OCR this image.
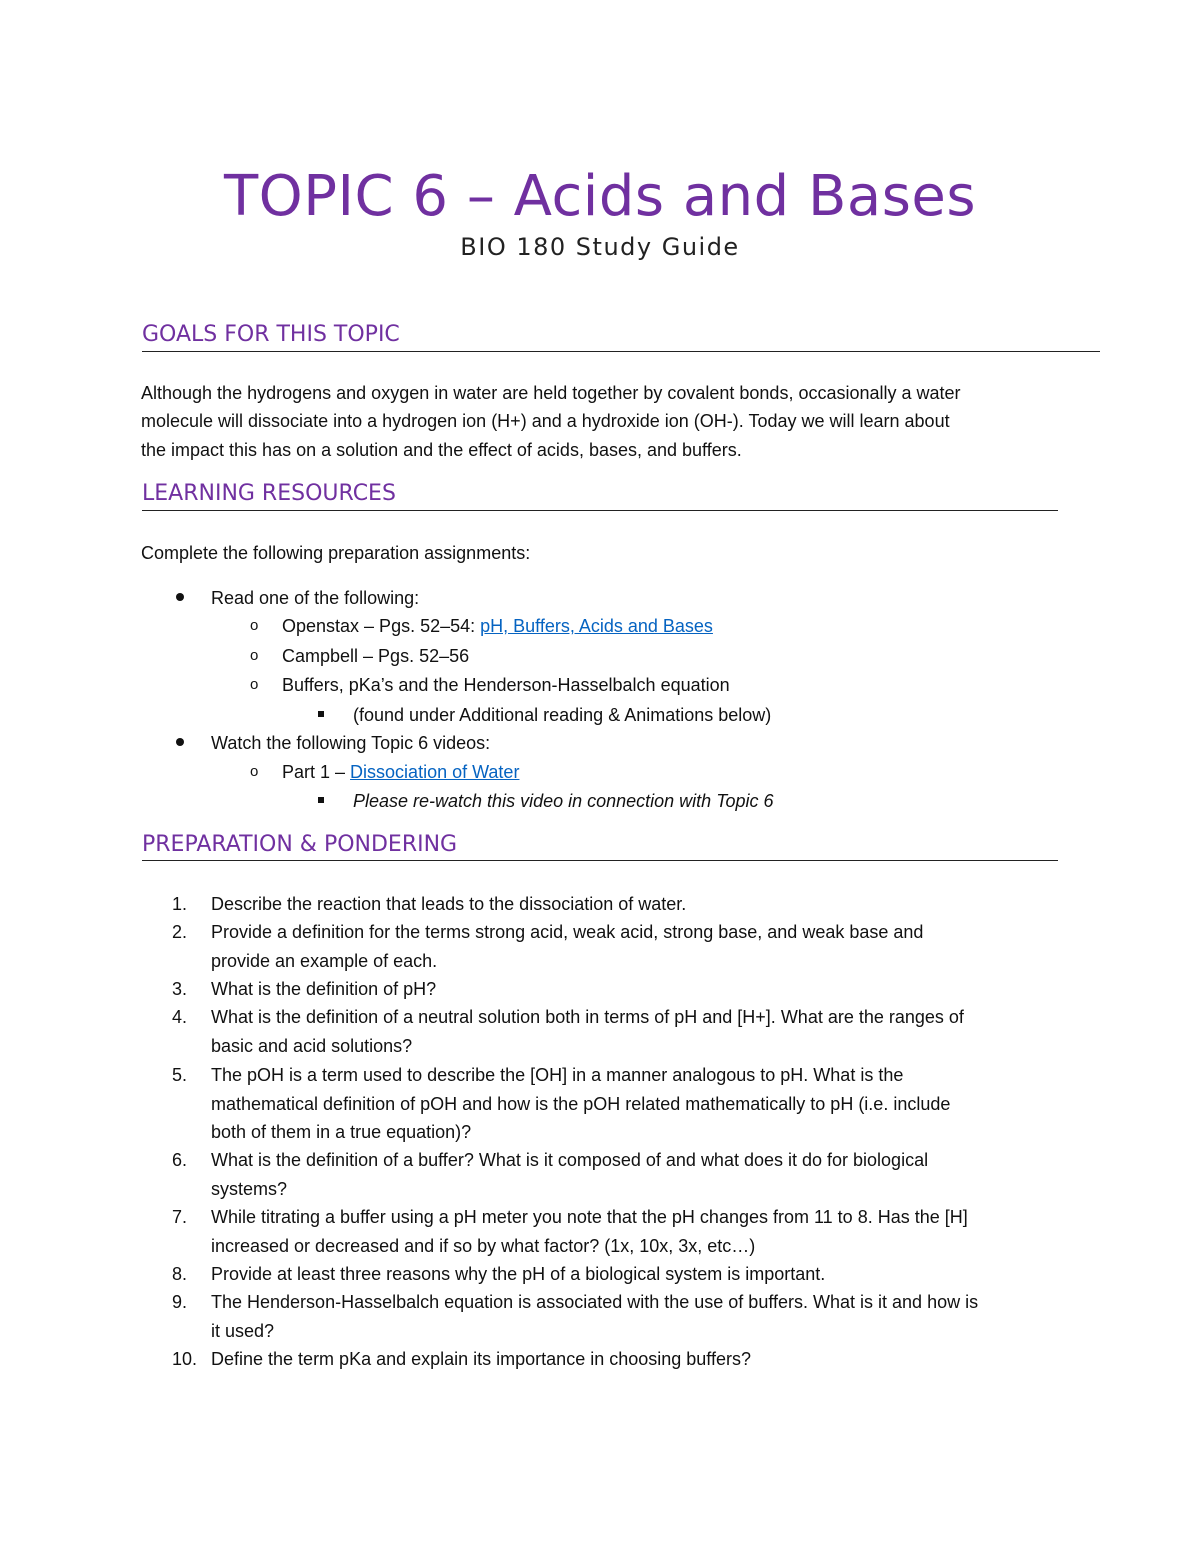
TOPIC 6 – Acids and Bases
BIO 180 Study Guide
GOALS FOR THIS TOPIC
Although the hydrogens and oxygen in water are held together by covalent bonds, occasionally a water
molecule will dissociate into a hydrogen ion (H+) and a hydroxide ion (OH-). Today we will learn about
the impact this has on a solution and the effect of acids, bases, and buffers.
LEARNING RESOURCES
Complete the following preparation assignments:
Read one of the following:
o Openstax – Pgs. 52–54: pH, Buffers, Acids and Bases
o Campbell – Pgs. 52–56
o Buffers, pKa’s and the Henderson-Hasselbalch equation
(found under Additional reading & Animations below)
Watch the following Topic 6 videos:
o Part 1 – Dissociation of Water
Please re-watch this video in connection with Topic 6
PREPARATION & PONDERING
1.	Describe the reaction that leads to the dissociation of water.
2.	Provide a definition for the terms strong acid, weak acid, strong base, and weak base and
provide an example of each.
3.	What is the definition of pH?
4.	What is the definition of a neutral solution both in terms of pH and [H+]. What are the ranges of
basic and acid solutions?
5.	The pOH is a term used to describe the [OH] in a manner analogous to pH. What is the
mathematical definition of pOH and how is the pOH related mathematically to pH (i.e. include
both of them in a true equation)?
6.	What is the definition of a buffer? What is it composed of and what does it do for biological
systems?
7.	While titrating a buffer using a pH meter you note that the pH changes from 11 to 8. Has the [H]
increased or decreased and if so by what factor? (1x, 10x, 3x, etc…)
8.	Provide at least three reasons why the pH of a biological system is important.
9.	The Henderson-Hasselbalch equation is associated with the use of buffers. What is it and how is
it used?
10. Define the term pKa and explain its importance in choosing buffers?
